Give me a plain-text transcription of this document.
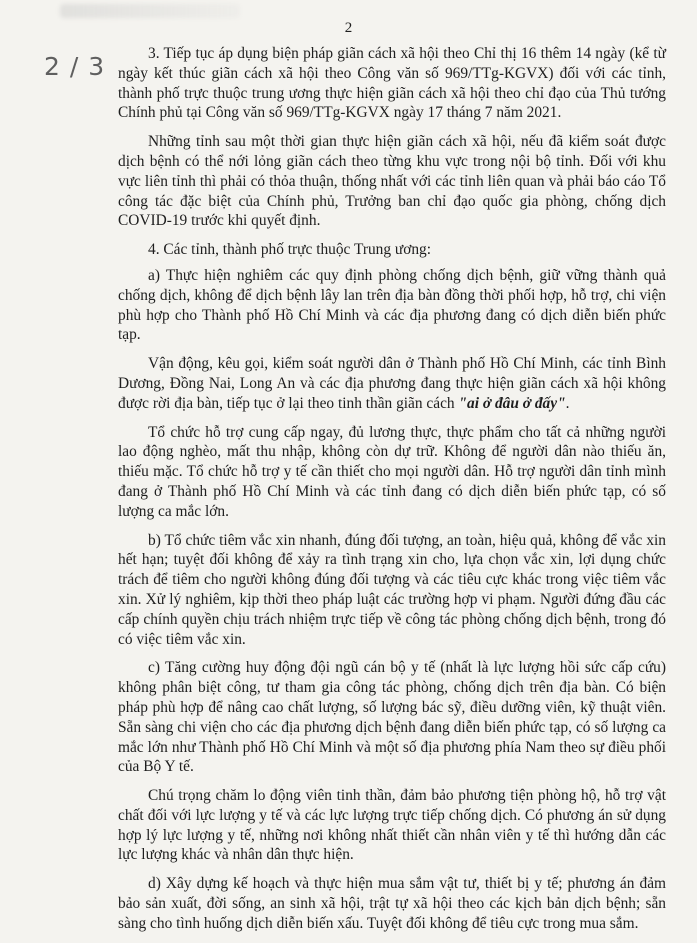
2
2 / 3	3. Tiếp tục áp dụng biện pháp giãn cách xã hội theo Chỉ thị 16 thêm 14 ngày (kể từ ngày kết thúc giãn cách xã hội theo Công văn số 969/TTg-KGVX) đối với các tỉnh, thành phố trực thuộc trung ương thực hiện giãn cách xã hội theo chỉ đạo của Thủ tướng Chính phủ tại Công văn số 969/TTg-KGVX ngày 17 tháng 7 năm 2021.

Những tỉnh sau một thời gian thực hiện giãn cách xã hội, nếu đã kiểm soát được dịch bệnh có thể nới lỏng giãn cách theo từng khu vực trong nội bộ tỉnh. Đối với khu vực liên tỉnh thì phải có thỏa thuận, thống nhất với các tỉnh liên quan và phải báo cáo Tổ công tác đặc biệt của Chính phủ, Trưởng ban chỉ đạo quốc gia phòng, chống dịch COVID-19 trước khi quyết định.

4. Các tỉnh, thành phố trực thuộc Trung ương:

a) Thực hiện nghiêm các quy định phòng chống dịch bệnh, giữ vững thành quả chống dịch, không để dịch bệnh lây lan trên địa bàn đồng thời phối hợp, hỗ trợ, chi viện phù hợp cho Thành phố Hồ Chí Minh và các địa phương đang có dịch diễn biến phức tạp.

Vận động, kêu gọi, kiểm soát người dân ở Thành phố Hồ Chí Minh, các tỉnh Bình Dương, Đồng Nai, Long An và các địa phương đang thực hiện giãn cách xã hội không được rời địa bàn, tiếp tục ở lại theo tinh thần giãn cách "ai ở đâu ở đấy".

Tổ chức hỗ trợ cung cấp ngay, đủ lương thực, thực phẩm cho tất cả những người lao động nghèo, mất thu nhập, không còn dự trữ. Không để người dân nào thiếu ăn, thiếu mặc. Tổ chức hỗ trợ y tế cần thiết cho mọi người dân. Hỗ trợ người dân tỉnh mình đang ở Thành phố Hồ Chí Minh và các tỉnh đang có dịch diễn biến phức tạp, có số lượng ca mắc lớn.

b) Tổ chức tiêm vắc xin nhanh, đúng đối tượng, an toàn, hiệu quả, không để vắc xin hết hạn; tuyệt đối không để xảy ra tình trạng xin cho, lựa chọn vắc xin, lợi dụng chức trách để tiêm cho người không đúng đối tượng và các tiêu cực khác trong việc tiêm vắc xin. Xử lý nghiêm, kịp thời theo pháp luật các trường hợp vi phạm. Người đứng đầu các cấp chính quyền chịu trách nhiệm trực tiếp về công tác phòng chống dịch bệnh, trong đó có việc tiêm vắc xin.

c) Tăng cường huy động đội ngũ cán bộ y tế (nhất là lực lượng hồi sức cấp cứu) không phân biệt công, tư tham gia công tác phòng, chống dịch trên địa bàn. Có biện pháp phù hợp để nâng cao chất lượng, số lượng bác sỹ, điều dưỡng viên, kỹ thuật viên. Sẵn sàng chi viện cho các địa phương dịch bệnh đang diễn biến phức tạp, có số lượng ca mắc lớn như Thành phố Hồ Chí Minh và một số địa phương phía Nam theo sự điều phối của Bộ Y tế.

Chú trọng chăm lo động viên tinh thần, đảm bảo phương tiện phòng hộ, hỗ trợ vật chất đối với lực lượng y tế và các lực lượng trực tiếp chống dịch. Có phương án sử dụng hợp lý lực lượng y tế, những nơi không nhất thiết cần nhân viên y tế thì hướng dẫn các lực lượng khác và nhân dân thực hiện.

d) Xây dựng kế hoạch và thực hiện mua sắm vật tư, thiết bị y tế; phương án đảm bảo sản xuất, đời sống, an sinh xã hội, trật tự xã hội theo các kịch bản dịch bệnh; sẵn sàng cho tình huống dịch diễn biến xấu. Tuyệt đối không để tiêu cực trong mua sắm.
